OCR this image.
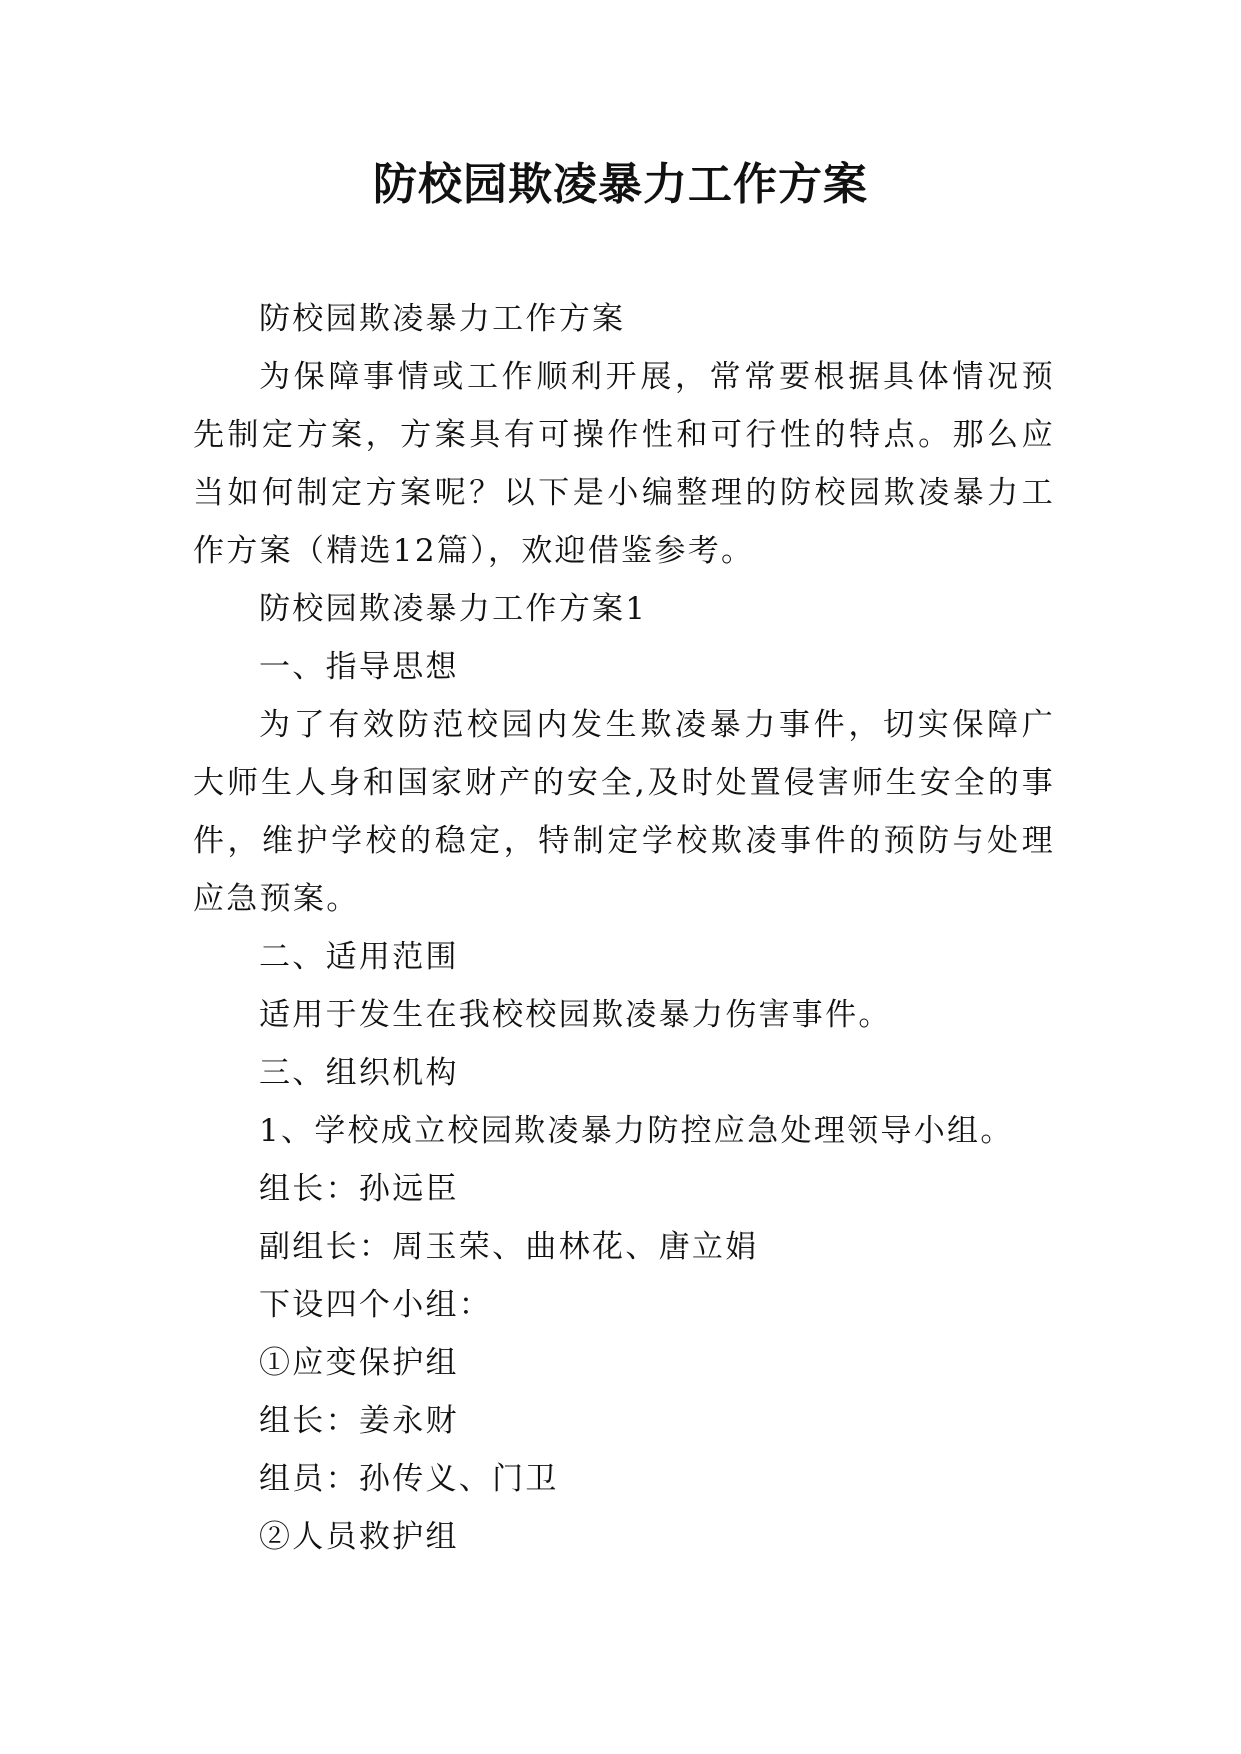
防校园欺凌暴力工作方案

防校园欺凌暴力工作方案

为保障事情或工作顺利开展，常常要根据具体情况预先制定方案，方案具有可操作性和可行性的特点。那么应当如何制定方案呢？以下是小编整理的防校园欺凌暴力工作方案（精选12篇），欢迎借鉴参考。

防校园欺凌暴力工作方案1

一、指导思想

为了有效防范校园内发生欺凌暴力事件，切实保障广大师生人身和国家财产的安全,及时处置侵害师生安全的事件，维护学校的稳定，特制定学校欺凌事件的预防与处理应急预案。

二、适用范围

适用于发生在我校校园欺凌暴力伤害事件。

三、组织机构

1、学校成立校园欺凌暴力防控应急处理领导小组。

组长：孙远臣

副组长：周玉荣、曲林花、唐立娟

下设四个小组：

①应变保护组

组长：姜永财

组员：孙传义、门卫

②人员救护组
